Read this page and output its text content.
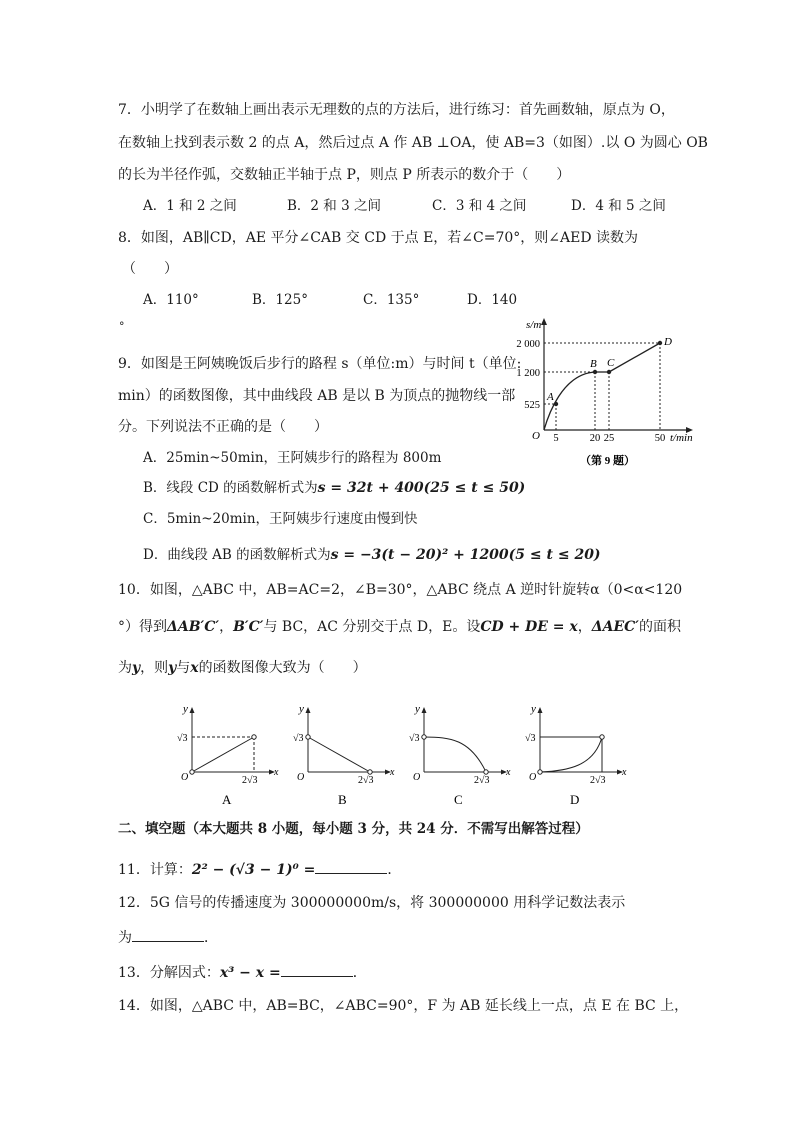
7．小明学了在数轴上画出表示无理数的点的方法后，进行练习：首先画数轴，原点为 O，
在数轴上找到表示数 2 的点 A，然后过点 A 作 AB ⊥OA，使 AB=3（如图）.以 O 为圆心 OB
的长为半径作弧，交数轴正半轴于点 P，则点 P 所表示的数介于（　　）
A．1 和 2 之间	B．2 和 3 之间	C．3 和 4 之间	D．4 和 5 之间
8．如图，AB∥CD，AE 平分∠CAB 交 CD 于点 E，若∠C=70°，则∠AED 读数为
（　　）
A．110°	B．125°	C．135°	D．140
°
9．如图是王阿姨晚饭后步行的路程 s（单位:m）与时间 t（单位:
min）的函数图像，其中曲线段 AB 是以 B 为顶点的抛物线一部
分。下列说法不正确的是（　　）
A．25min~50min，王阿姨步行的路程为 800m
B．线段 CD 的函数解析式为s = 32t + 400(25 ≤ t ≤ 50)
C．5min~20min，王阿姨步行速度由慢到快
D．曲线段 AB 的函数解析式为s = −3(t − 20)² + 1200(5 ≤ t ≤ 20)
A
B C
D
2 000
1 200
525
5	20 25	50
s/m
t/min
O
（第 9 题）
10．如图，△ABC 中，AB=AC=2，∠B=30°，△ABC 绕点 A 逆时针旋转α（0<α<120
°）得到ΔAB′C′，B′C′与 BC，AC 分别交于点 D，E。设CD + DE = x，ΔAEC′的面积
为y，则y与x的函数图像大致为（　　）
y
x
O
√3
2√3
A
y
x
O
√3
2√3
B
y
x
O
√3
2√3
C
y
x
O
√3
2√3
D
二、填空题（本大题共 8 小题，每小题 3 分，共 24 分．不需写出解答过程）
11．计算：2² − (√3 − 1)⁰ =	．
12．5G 信号的传播速度为 300000000m/s，将 300000000 用科学记数法表示
为	．
13．分解因式：x³ − x =	．
14．如图，△ABC 中，AB=BC，∠ABC=90°，F 为 AB 延长线上一点，点 E 在 BC 上，
